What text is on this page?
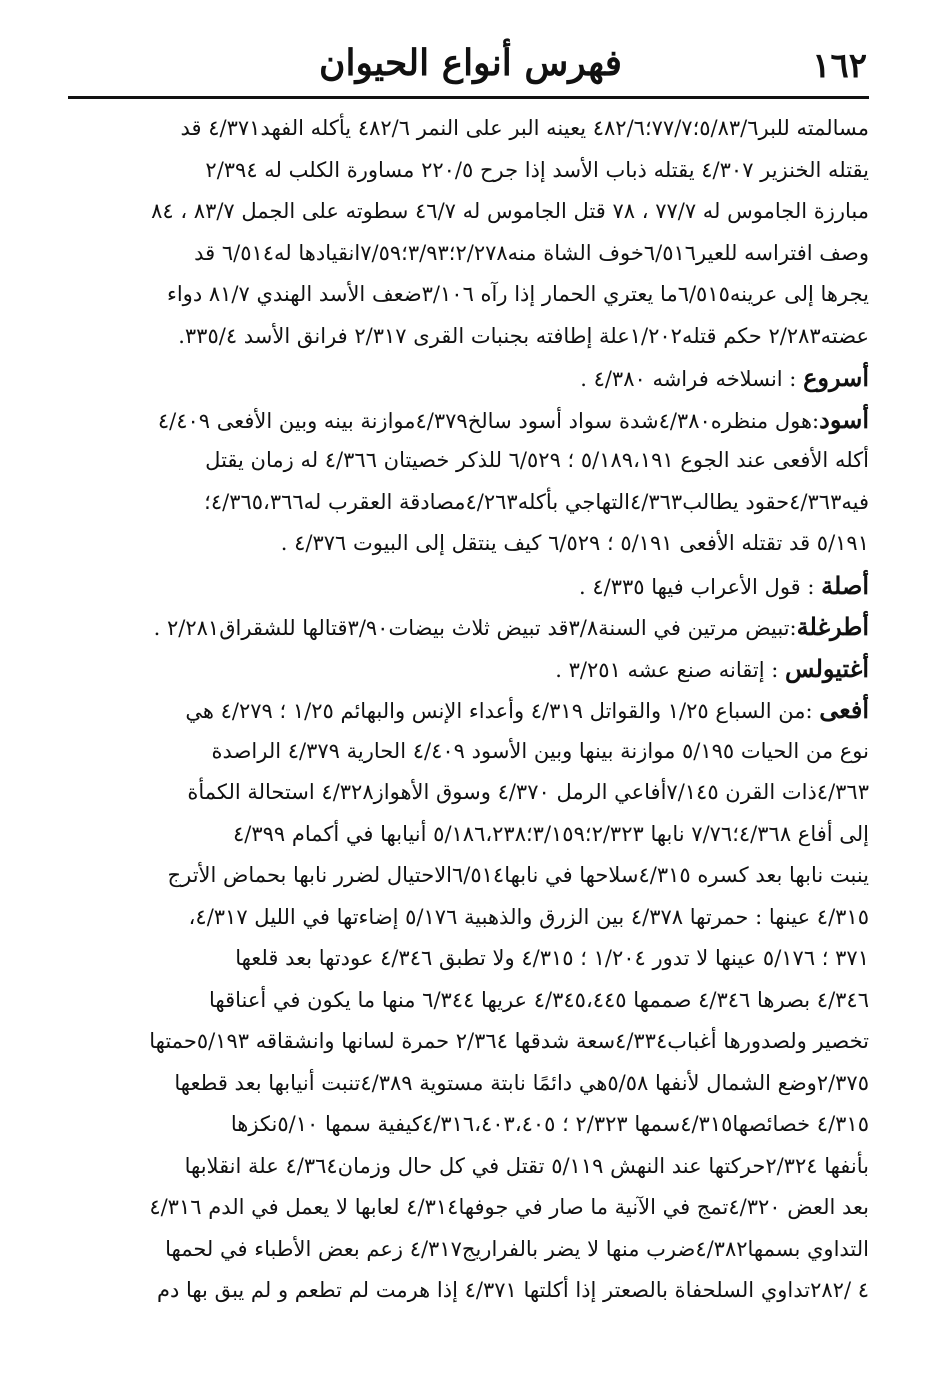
١٦٢
فهرس أنواع الحيوان
مسالمته للبر٥/٨٣/٦؛٧٧/٧؛٤٨٢/٦ يعينه البر على النمر ٤٨٢/٦ يأكله الفهد٤/٣٧١ قد
يقتله الخنزير ٤/٣٠٧ يقتله ذباب الأسد إذا جرح ٢٢٠/٥ مساورة الكلب له ٢/٣٩٤
مبارزة الجاموس له ٧٧/٧ ، ٧٨ قتل الجاموس له ٤٦/٧ سطوته على الجمل ٨٣/٧ ، ٨٤
وصف افتراسه للعير٦/٥١٦خوف الشاة منه٢/٢٧٨؛٣/٩٣؛٧/٥٩انقيادها له٦/٥١٤ قد
يجرها إلى عرينه٦/٥١٥ما يعتري الحمار إذا رآه ٣/١٠٦ضعف الأسد الهندي ٨١/٧ دواء
عضته٢/٢٨٣ حكم قتله١/٢٠٢علة إطافته بجنبات القرى ٢/٣١٧ فرانق الأسد ٣٣٥/٤.
أسروع : انسلاخه فراشه ٤/٣٨٠ .
أسود:هول منظره٤/٣٨٠شدة سواد أسود سالخ٤/٣٧٩موازنة بينه وبين الأفعى ٤/٤٠٩
أكله الأفعى عند الجوع ٥/١٨٩،١٩١ ؛ ٦/٥٢٩ للذكر خصيتان ٤/٣٦٦ له زمان يقتل
فيه٤/٣٦٣حقود يطالب٤/٣٦٣التهاجي بأكله٤/٢٦٣مصادقة العقرب له٤/٣٦٥،٣٦٦؛
٥/١٩١ قد تقتله الأفعى ٥/١٩١ ؛ ٦/٥٢٩ كيف ينتقل إلى البيوت ٤/٣٧٦ .
أصلة : قول الأعراب فيها ٤/٣٣٥ .
أطرغلة:تبيض مرتين في السنة٣/٨قد تبيض ثلاث بيضات٣/٩٠قتالها للشقراق٢/٢٨١ .
أغتيولس : إتقانه صنع عشه ٣/٢٥١ .
أفعى :من السباع ١/٢٥ والقواتل ٤/٣١٩ وأعداء الإنس والبهائم ١/٢٥ ؛ ٤/٢٧٩ هي
نوع من الحيات ٥/١٩٥ موازنة بينها وبين الأسود ٤/٤٠٩ الحارية ٤/٣٧٩ الراصدة
٤/٣٦٣ذات القرن ٧/١٤٥أفاعي الرمل ٤/٣٧٠ وسوق الأهواز٤/٣٢٨ استحالة الكمأة
إلى أفاع ٤/٣٦٨؛٧/٧٦ نابها ٢/٣٢٣؛٣/١٥٩؛٥/١٨٦،٢٣٨ أنيابها في أكمام ٤/٣٩٩
ينبت نابها بعد كسره ٤/٣١٥سلاحها في نابها٦/٥١٤الاحتيال لضرر نابها بحماض الأترج
٤/٣١٥ عينها : حمرتها ٤/٣٧٨ بين الزرق والذهبية ٥/١٧٦ إضاءتها في الليل ٤/٣١٧،
٣٧١ ؛ ٥/١٧٦ عينها لا تدور ١/٢٠٤ ؛ ٤/٣١٥ ولا تطبق ٤/٣٤٦ عودتها بعد قلعها
٤/٣٤٦ بصرها ٤/٣٤٦ صممها ٤/٣٤٥،٤٤٥ عريها ٦/٣٤٤ منها ما يكون في أعناقها
تخصير ولصدورها أغباب٤/٣٣٤سعة شدقها ٢/٣٦٤ حمرة لسانها وانشقاقه ٥/١٩٣حمتها
٢/٣٧٥وضع الشمال لأنفها ٥/٥٨هي دائمًا نابتة مستوية ٤/٣٨٩تنبت أنيابها بعد قطعها
٤/٣١٥ خصائصها٤/٣١٥سمها ٢/٣٢٣ ؛ ٤/٣١٦،٤٠٣،٤٠٥كيفية سمها ٥/١٠نكزها
بأنفها ٢/٣٢٤حركتها عند النهش ٥/١١٩ تقتل في كل حال وزمان٤/٣٦٤ علة انقلابها
بعد العض ٤/٣٢٠تمج في الآنية ما صار في جوفها٤/٣١٤ لعابها لا يعمل في الدم ٤/٣١٦
التداوي بسمها٤/٣٨٢ضرب منها لا يضر بالفراريج٤/٣١٧ زعم بعض الأطباء في لحمها
٤ /٢٨٢تداوي السلحفاة بالصعتر إذا أكلتها ٤/٣٧١ إذا هرمت لم تطعم و لم يبق بها دم
